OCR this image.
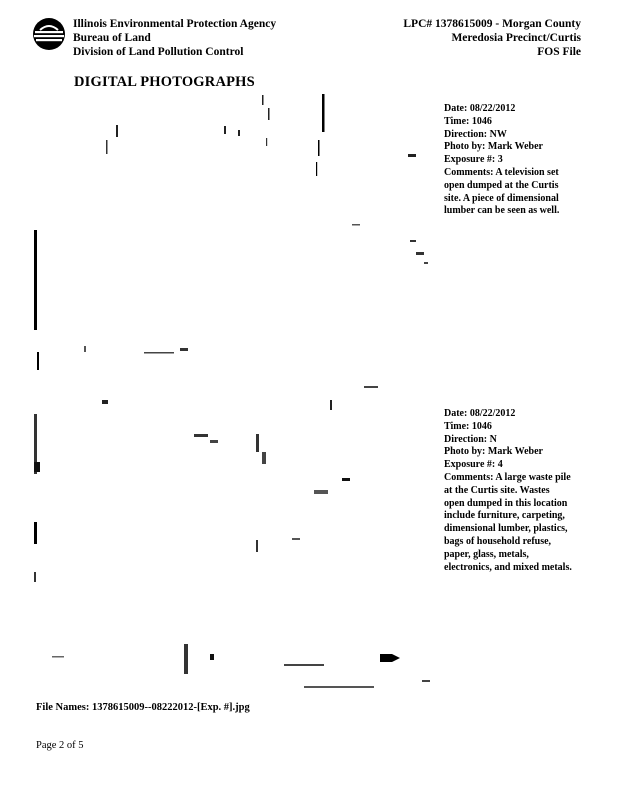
Illinois Environmental Protection Agency
Bureau of Land
Division of Land Pollution Control
LPC# 1378615009 - Morgan County
Meredosia Precinct/Curtis
FOS File
DIGITAL PHOTOGRAPHS
Date: 08/22/2012
Time: 1046
Direction: NW
Photo by: Mark Weber
Exposure #: 3
Comments: A television set open dumped at the Curtis site. A piece of dimensional lumber can be seen as well.
Date: 08/22/2012
Time: 1046
Direction: N
Photo by: Mark Weber
Exposure #: 4
Comments: A large waste pile at the Curtis site. Wastes open dumped in this location include furniture, carpeting, dimensional lumber, plastics, bags of household refuse, paper, glass, metals, electronics, and mixed metals.
File Names: 1378615009--08222012-[Exp. #].jpg
Page 2 of 5
